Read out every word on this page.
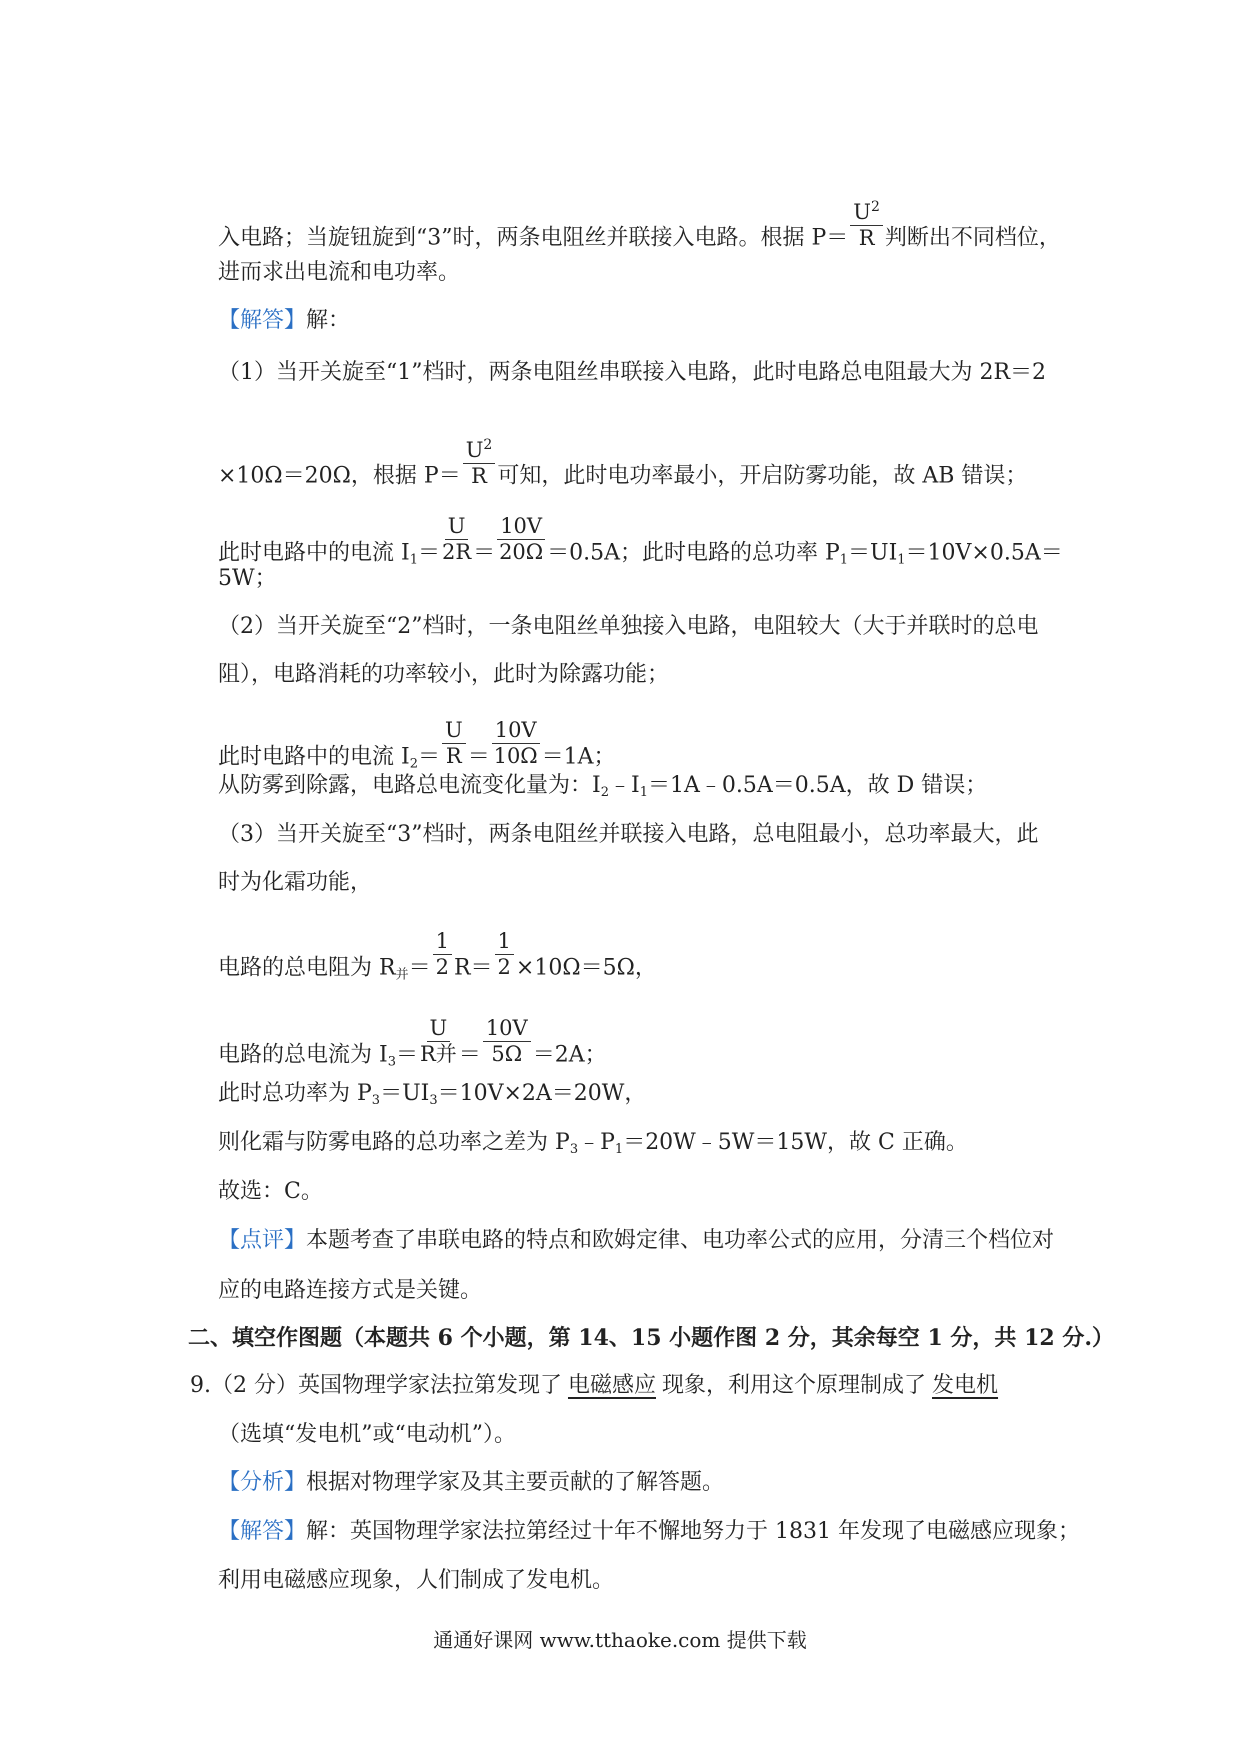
入电路；当旋钮旋到“3”时，两条电阻丝并联接入电路。根据 $P= \frac{U^2}{R}$ 判断出不同档位，
进而求出电流和电功率。
【解答】解：
（1）当开关旋至“1”档时，两条电阻丝串联接入电路，此时电路总电阻最大为 2R＝2
×10Ω＝20Ω，根据 $P= \frac{U^2}{R}$ 可知，此时电功率最小，开启防雾功能，故 AB 错误；
此时电路中的电流 $I_1= \frac{U}{2R} = \frac{10V}{20\Omega} =0.5A$；此时电路的总功率 $P_1=UI_1=10V\times 0.5A=$
5W；
（2）当开关旋至“2”档时，一条电阻丝单独接入电路，电阻较大（大于并联时的总电
阻），电路消耗的功率较小，此时为除露功能；
此时电路中的电流 $I_2= \frac{U}{R} = \frac{10V}{10\Omega} =1A$；
从防雾到除露，电路总电流变化量为：$I_2﹣I_1=1A﹣0.5A=0.5A$，故 D 错误；
（3）当开关旋至“3”档时，两条电阻丝并联接入电路，总电阻最小，总功率最大，此
时为化霜功能，
电路的总电阻为 $R_并= \frac{1}{2} R= \frac{1}{2} \times 10\Omega=5\Omega$，
电路的总电流为 $I_3= \frac{U}{\text{R并}} = \frac{10V}{5\Omega} =2A$；
此时总功率为 $P_3=UI_3=10V\times 2A=20W$，
则化霜与防雾电路的总功率之差为 $P_3﹣P_1=20W﹣5W=15W$，故 C 正确。
故选：C。
【点评】本题考查了串联电路的特点和欧姆定律、电功率公式的应用，分清三个档位对
应的电路连接方式是关键。
二、填空作图题（本题共 6 个小题，第 14、15 小题作图 2 分，其余每空 1 分，共 12 分.）
9.（2 分）英国物理学家法拉第发现了 电磁感应 现象，利用这个原理制成了 发电机
（选填“发电机”或“电动机”）。
【分析】根据对物理学家及其主要贡献的了解答题。
【解答】解：英国物理学家法拉第经过十年不懈地努力于 1831 年发现了电磁感应现象；
利用电磁感应现象，人们制成了发电机。
通通好课网 www.tthaoke.com 提供下载
